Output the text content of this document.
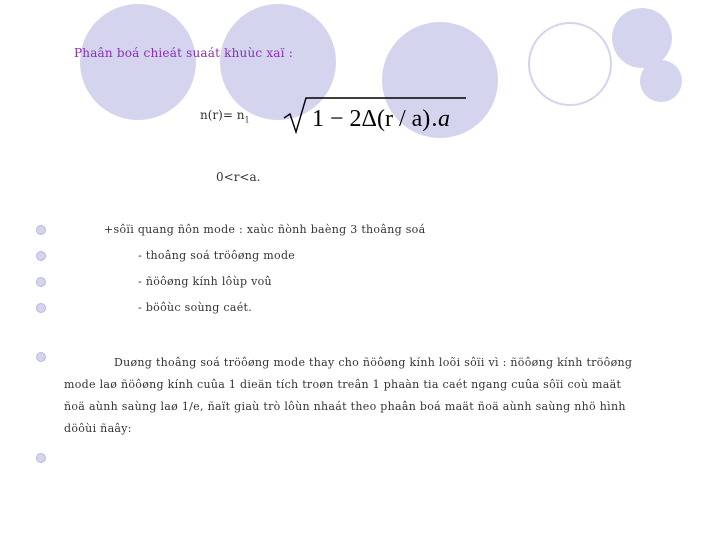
Phaân boá chieát suaát khuùc xaï :
$n(r)= n_1$	1 − 2Δ(r / a) .a
0<r<a.
+sôïi quang ñôn mode : xaùc ñònh baèng 3 thoâng soá
- thoâng soá tröôøng mode
- ñöôøng kính lôùp voû
- böôùc soùng caét.
Duøng thoâng soá tröôøng mode thay cho ñöôøng kính loõi sôïi vì : ñöôøng kính tröôøng mode laø ñöôøng kính cuûa 1 dieän tích troøn treân 1 phaàn tia caét ngang cuûa sôïi coù maät ñoä aùnh saùng laø 1/e, ñaït giaù trò lôùn nhaát theo phaân boá maät ñoä aùnh saùng nhö hình döôùi ñaây:
